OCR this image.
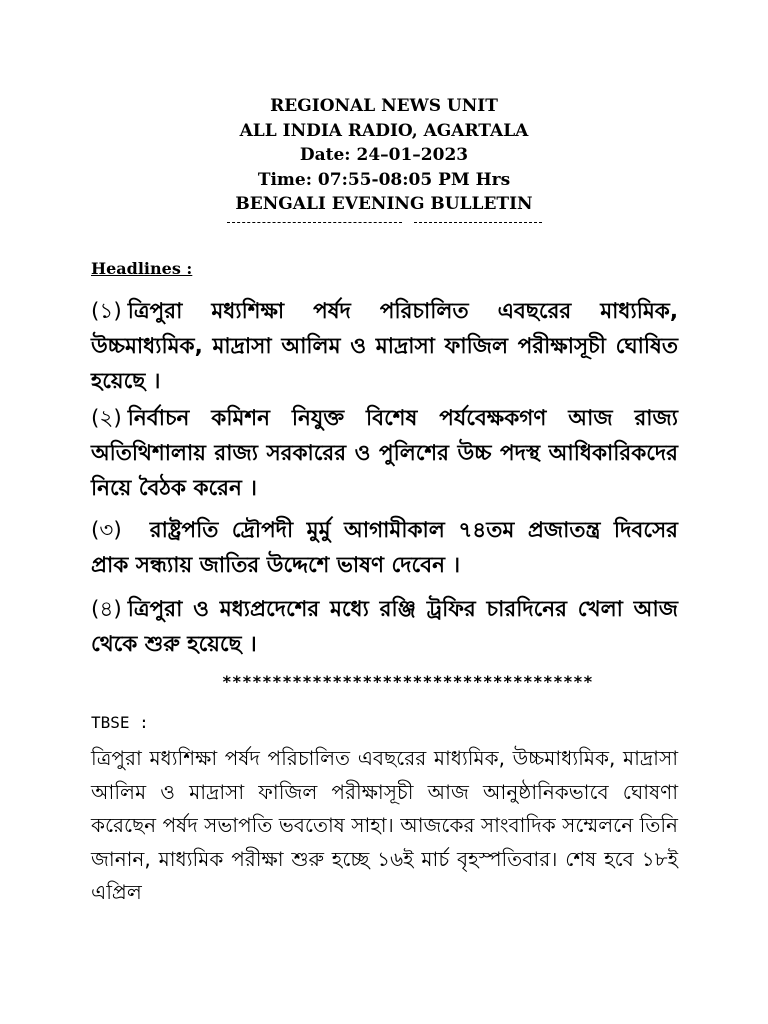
REGIONAL NEWS UNIT
ALL INDIA RADIO, AGARTALA
Date: 24–01–2023
Time: 07:55-08:05 PM Hrs
BENGALI EVENING BULLETIN
Headlines :
(১) ত্রিপুরা মধ্যশিক্ষা পর্ষদ পরিচালিত এবছরের মাধ্যমিক, উচ্চমাধ্যমিক, মাদ্রাসা আলিম ও মাদ্রাসা ফাজিল পরীক্ষাসূচী ঘোষিত হয়েছে ।
(২) নির্বাচন কমিশন নিযুক্ত বিশেষ পর্যবেক্ষকগণ আজ রাজ্য অতিথিশালায় রাজ্য সরকারের ও পুলিশের উচ্চ পদস্থ আধিকারিকদের নিয়ে বৈঠক করেন ।
(৩) রাষ্ট্রপতি দ্রৌপদী মুর্মু আগামীকাল ৭৪তম প্রজাতন্ত্র দিবসের প্রাক সন্ধ্যায় জাতির উদ্দেশে ভাষণ দেবেন ।
(৪) ত্রিপুরা ও মধ্যপ্রদেশের মধ্যে রঞ্জি ট্রফির চারদিনের খেলা আজ থেকে শুরু হয়েছে ।
*************************************
TBSE :
ত্রিপুরা মধ্যশিক্ষা পর্ষদ পরিচালিত এবছরের মাধ্যমিক, উচ্চমাধ্যমিক, মাদ্রাসা আলিম ও মাদ্রাসা ফাজিল পরীক্ষাসূচী আজ আনুষ্ঠানিকভাবে ঘোষণা করেছেন পর্ষদ সভাপতি ভবতোষ সাহা। আজকের সাংবাদিক সম্মেলনে তিনি জানান, মাধ্যমিক পরীক্ষা শুরু হচ্ছে ১৬ই মার্চ বৃহস্পতিবার। শেষ হবে ১৮ই এপ্রিল
